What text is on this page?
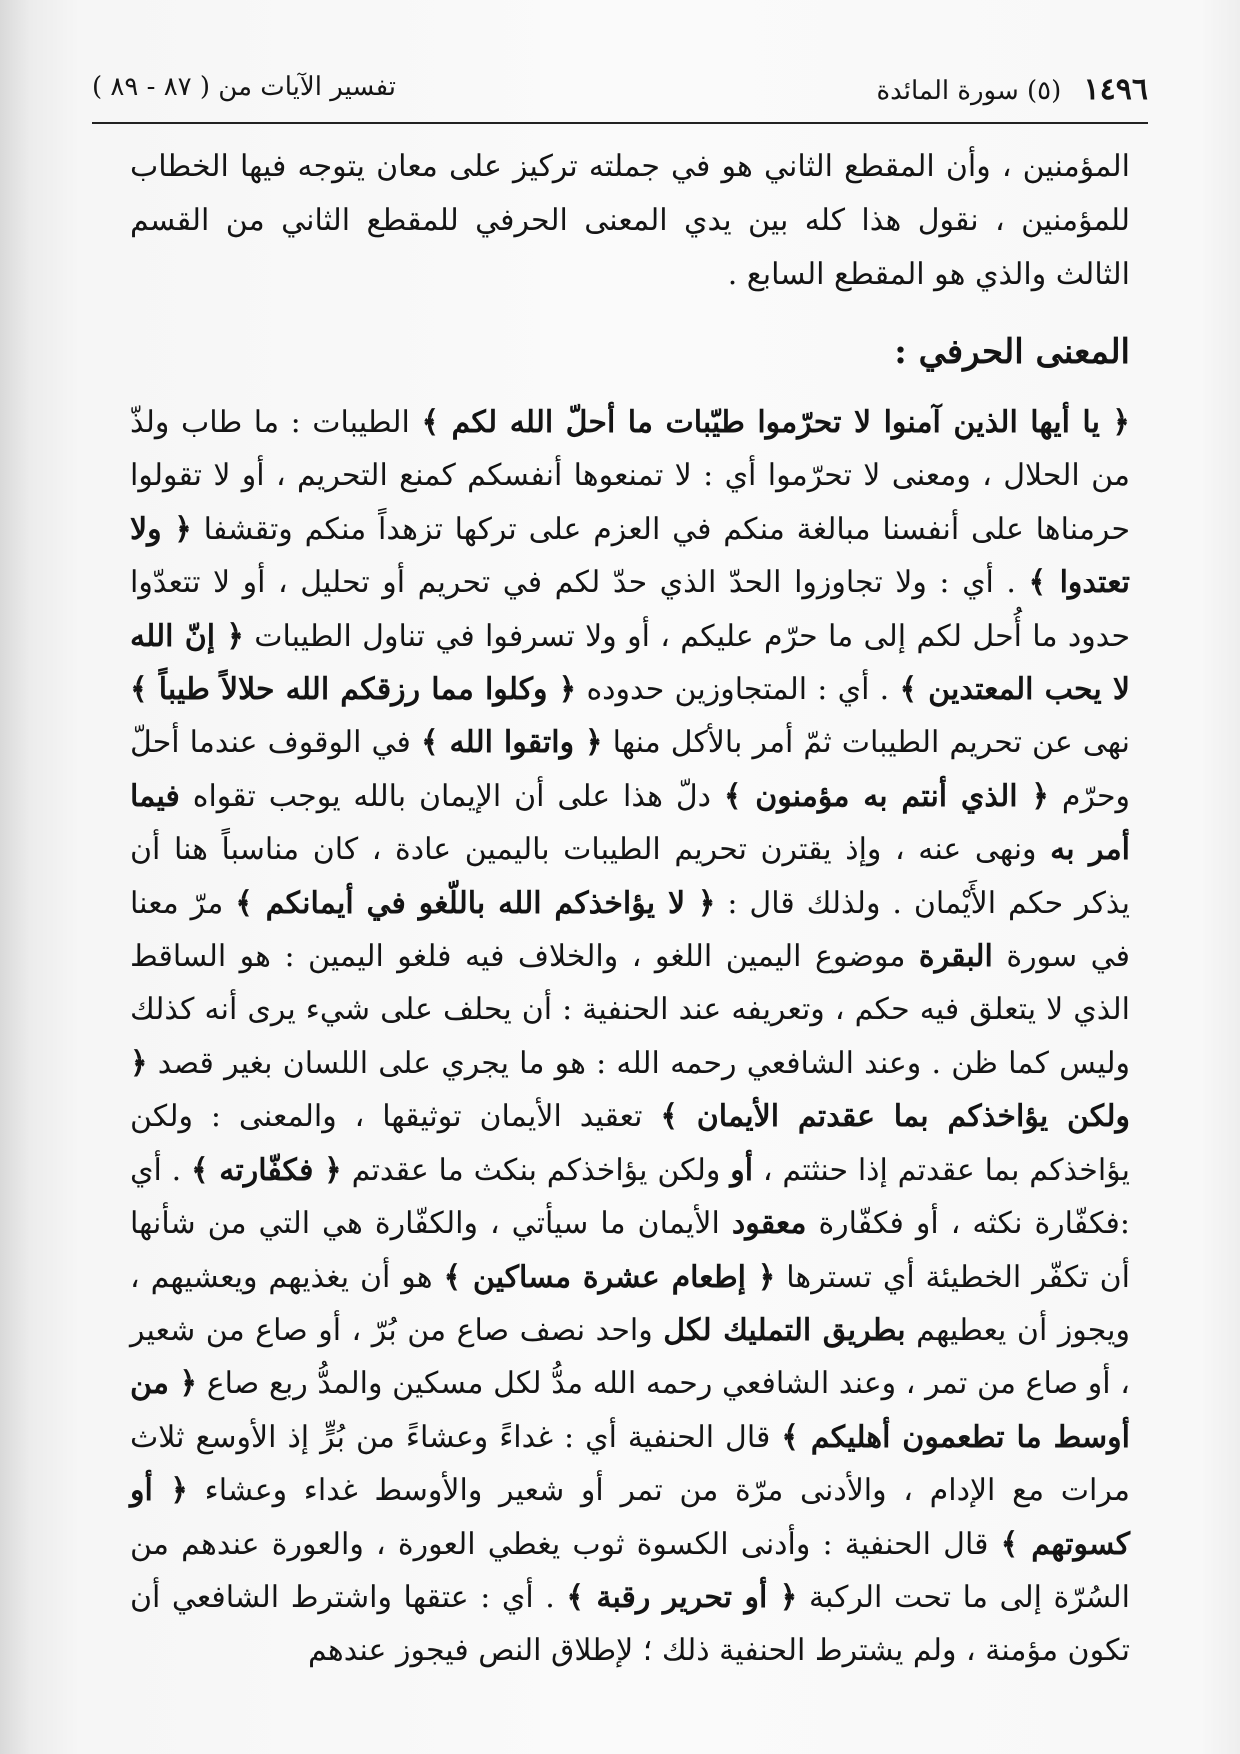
١٤٩٦ (٥) سورة المائدة
تفسير الآيات من ( ٨٧ - ٨٩ )

المؤمنين ، وأن المقطع الثاني هو في جملته تركيز على معان يتوجه فيها الخطاب للمؤمنين ، نقول هذا كله بين يدي المعنى الحرفي للمقطع الثاني من القسم الثالث والذي هو المقطع السابع .

المعنى الحرفي :

﴿ يا أيها الذين آمنوا لا تحرّموا طيّبات ما أحلّ الله لكم ﴾ الطيبات : ما طاب ولذّ من الحلال ، ومعنى لا تحرّموا أي : لا تمنعوها أنفسكم كمنع التحريم ، أو لا تقولوا حرمناها على أنفسنا مبالغة منكم في العزم على تركها تزهداً منكم وتقشفا ﴿ ولا تعتدوا ﴾ . أي : ولا تجاوزوا الحدّ الذي حدّ لكم في تحريم أو تحليل ، أو لا تتعدّوا حدود ما أُحل لكم إلى ما حرّم عليكم ، أو ولا تسرفوا في تناول الطيبات ﴿ إنّ الله لا يحب المعتدين ﴾ . أي : المتجاوزين حدوده ﴿ وكلوا مما رزقكم الله حلالاً طيباً ﴾ نهى عن تحريم الطيبات ثمّ أمر بالأكل منها ﴿ واتقوا الله ﴾ في الوقوف عندما أحلّ وحرّم ﴿ الذي أنتم به مؤمنون ﴾ دلّ هذا على أن الإيمان بالله يوجب تقواه فيما أمر به ونهى عنه ، وإذ يقترن تحريم الطيبات باليمين عادة ، كان مناسباً هنا أن يذكر حكم الأَيْمان . ولذلك قال : ﴿ لا يؤاخذكم الله باللّغو في أيمانكم ﴾ مرّ معنا في سورة البقرة موضوع اليمين اللغو ، والخلاف فيه فلغو اليمين : هو الساقط الذي لا يتعلق فيه حكم ، وتعريفه عند الحنفية : أن يحلف على شيء يرى أنه كذلك وليس كما ظن . وعند الشافعي رحمه الله : هو ما يجري على اللسان بغير قصد ﴿ ولكن يؤاخذكم بما عقدتم الأيمان ﴾ تعقيد الأيمان توثيقها ، والمعنى : ولكن يؤاخذكم بما عقدتم إذا حنثتم ، أو ولكن يؤاخذكم بنكث ما عقدتم ﴿ فكفّارته ﴾ . أي :فكفّارة نكثه ، أو فكفّارة معقود الأيمان ما سيأتي ، والكفّارة هي التي من شأنها أن تكفّر الخطيئة أي تسترها ﴿ إطعام عشرة مساكين ﴾ هو أن يغذيهم ويعشيهم ، ويجوز أن يعطيهم بطريق التمليك لكل واحد نصف صاع من بُرّ ، أو صاع من شعير ، أو صاع من تمر ، وعند الشافعي رحمه الله مدُّ لكل مسكين والمدُّ ربع صاع ﴿ من أوسط ما تطعمون أهليكم ﴾ قال الحنفية أي : غداءً وعشاءً من بُرٍّ إذ الأوسع ثلاث مرات مع الإدام ، والأدنى مرّة من تمر أو شعير والأوسط غداء وعشاء ﴿ أو كسوتهم ﴾ قال الحنفية : وأدنى الكسوة ثوب يغطي العورة ، والعورة عندهم من السُرّة إلى ما تحت الركبة ﴿ أو تحرير رقبة ﴾ . أي : عتقها واشترط الشافعي أن تكون مؤمنة ، ولم يشترط الحنفية ذلك ؛ لإطلاق النص فيجوز عندهم
